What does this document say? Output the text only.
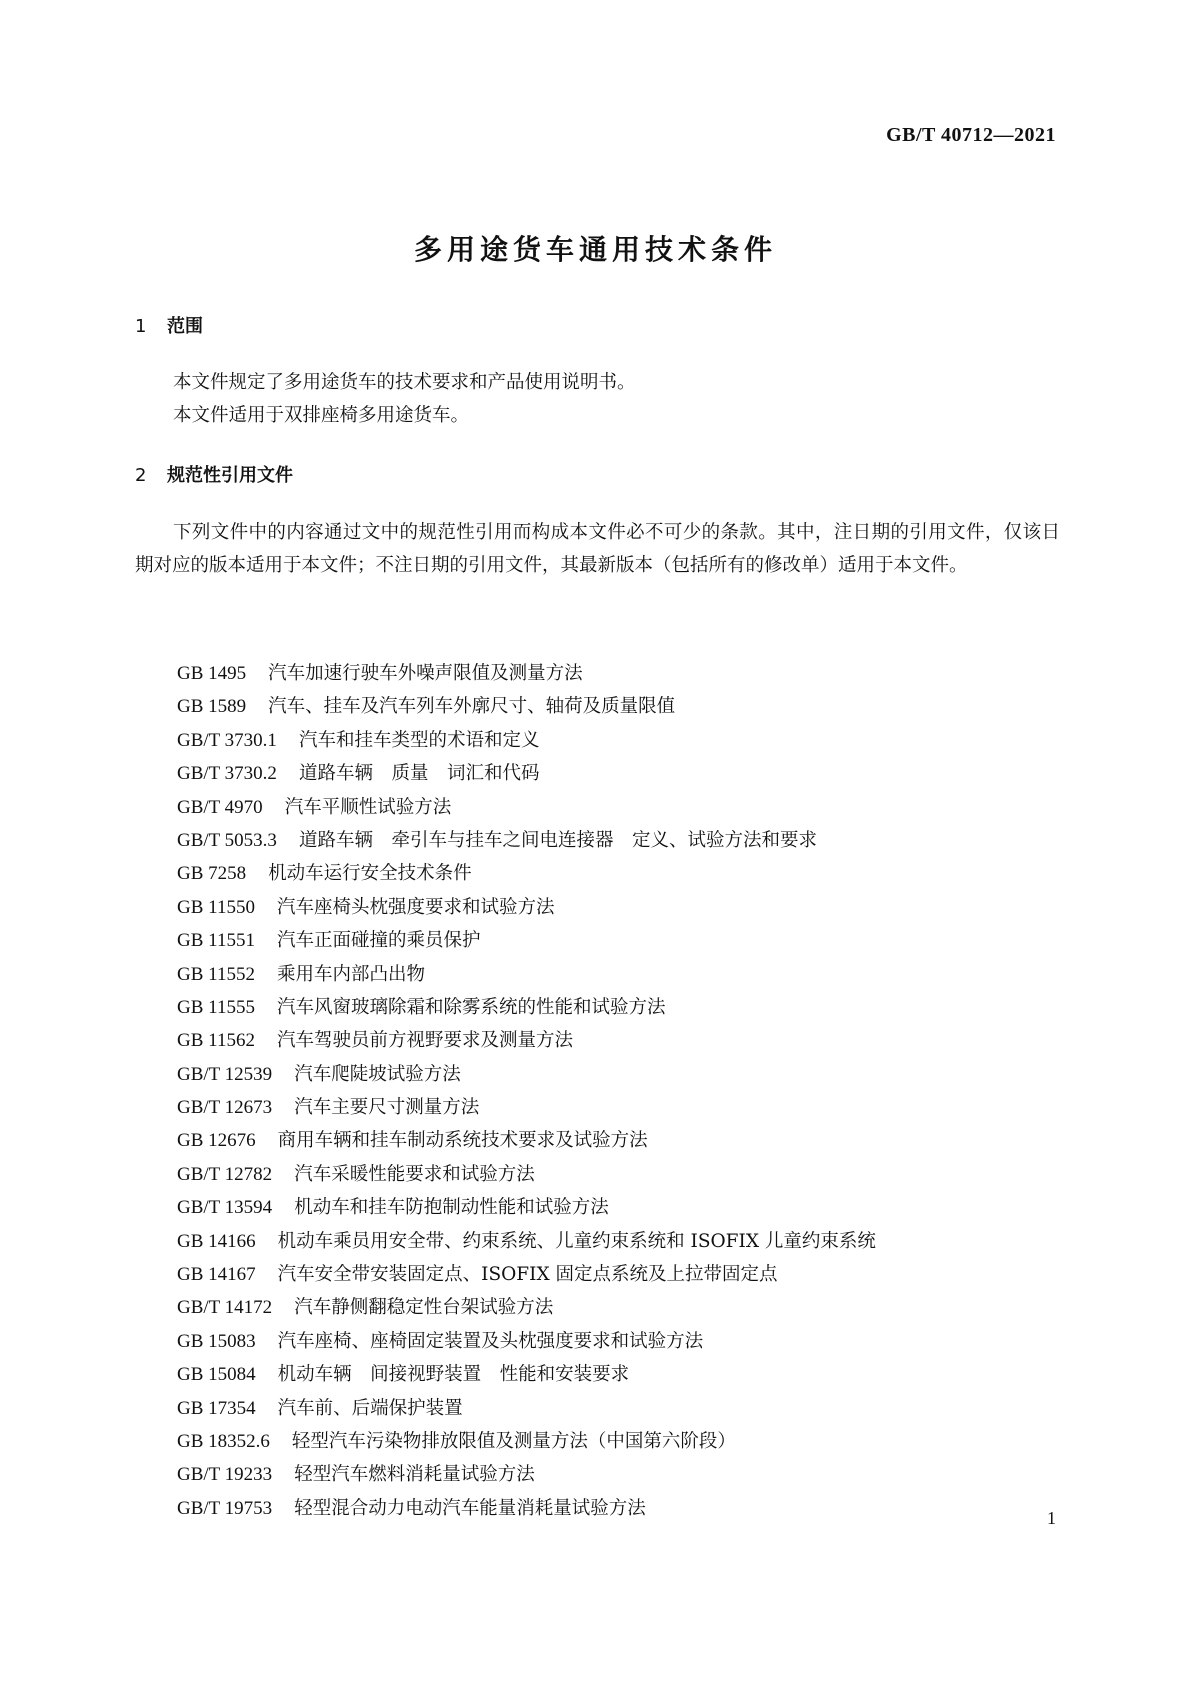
GB/T 40712—2021
多用途货车通用技术条件
1 范围
本文件规定了多用途货车的技术要求和产品使用说明书。
本文件适用于双排座椅多用途货车。
2 规范性引用文件
下列文件中的内容通过文中的规范性引用而构成本文件必不可少的条款。其中，注日期的引用文件，仅该日期对应的版本适用于本文件；不注日期的引用文件，其最新版本（包括所有的修改单）适用于本文件。
GB 1495 汽车加速行驶车外噪声限值及测量方法
GB 1589 汽车、挂车及汽车列车外廓尺寸、轴荷及质量限值
GB/T 3730.1 汽车和挂车类型的术语和定义
GB/T 3730.2 道路车辆　质量　词汇和代码
GB/T 4970 汽车平顺性试验方法
GB/T 5053.3 道路车辆　牵引车与挂车之间电连接器　定义、试验方法和要求
GB 7258 机动车运行安全技术条件
GB 11550 汽车座椅头枕强度要求和试验方法
GB 11551 汽车正面碰撞的乘员保护
GB 11552 乘用车内部凸出物
GB 11555 汽车风窗玻璃除霜和除雾系统的性能和试验方法
GB 11562 汽车驾驶员前方视野要求及测量方法
GB/T 12539 汽车爬陡坡试验方法
GB/T 12673 汽车主要尺寸测量方法
GB 12676 商用车辆和挂车制动系统技术要求及试验方法
GB/T 12782 汽车采暖性能要求和试验方法
GB/T 13594 机动车和挂车防抱制动性能和试验方法
GB 14166 机动车乘员用安全带、约束系统、儿童约束系统和 ISOFIX 儿童约束系统
GB 14167 汽车安全带安装固定点、ISOFIX 固定点系统及上拉带固定点
GB/T 14172 汽车静侧翻稳定性台架试验方法
GB 15083 汽车座椅、座椅固定装置及头枕强度要求和试验方法
GB 15084 机动车辆　间接视野装置　性能和安装要求
GB 17354 汽车前、后端保护装置
GB 18352.6 轻型汽车污染物排放限值及测量方法（中国第六阶段）
GB/T 19233 轻型汽车燃料消耗量试验方法
GB/T 19753 轻型混合动力电动汽车能量消耗量试验方法	1
